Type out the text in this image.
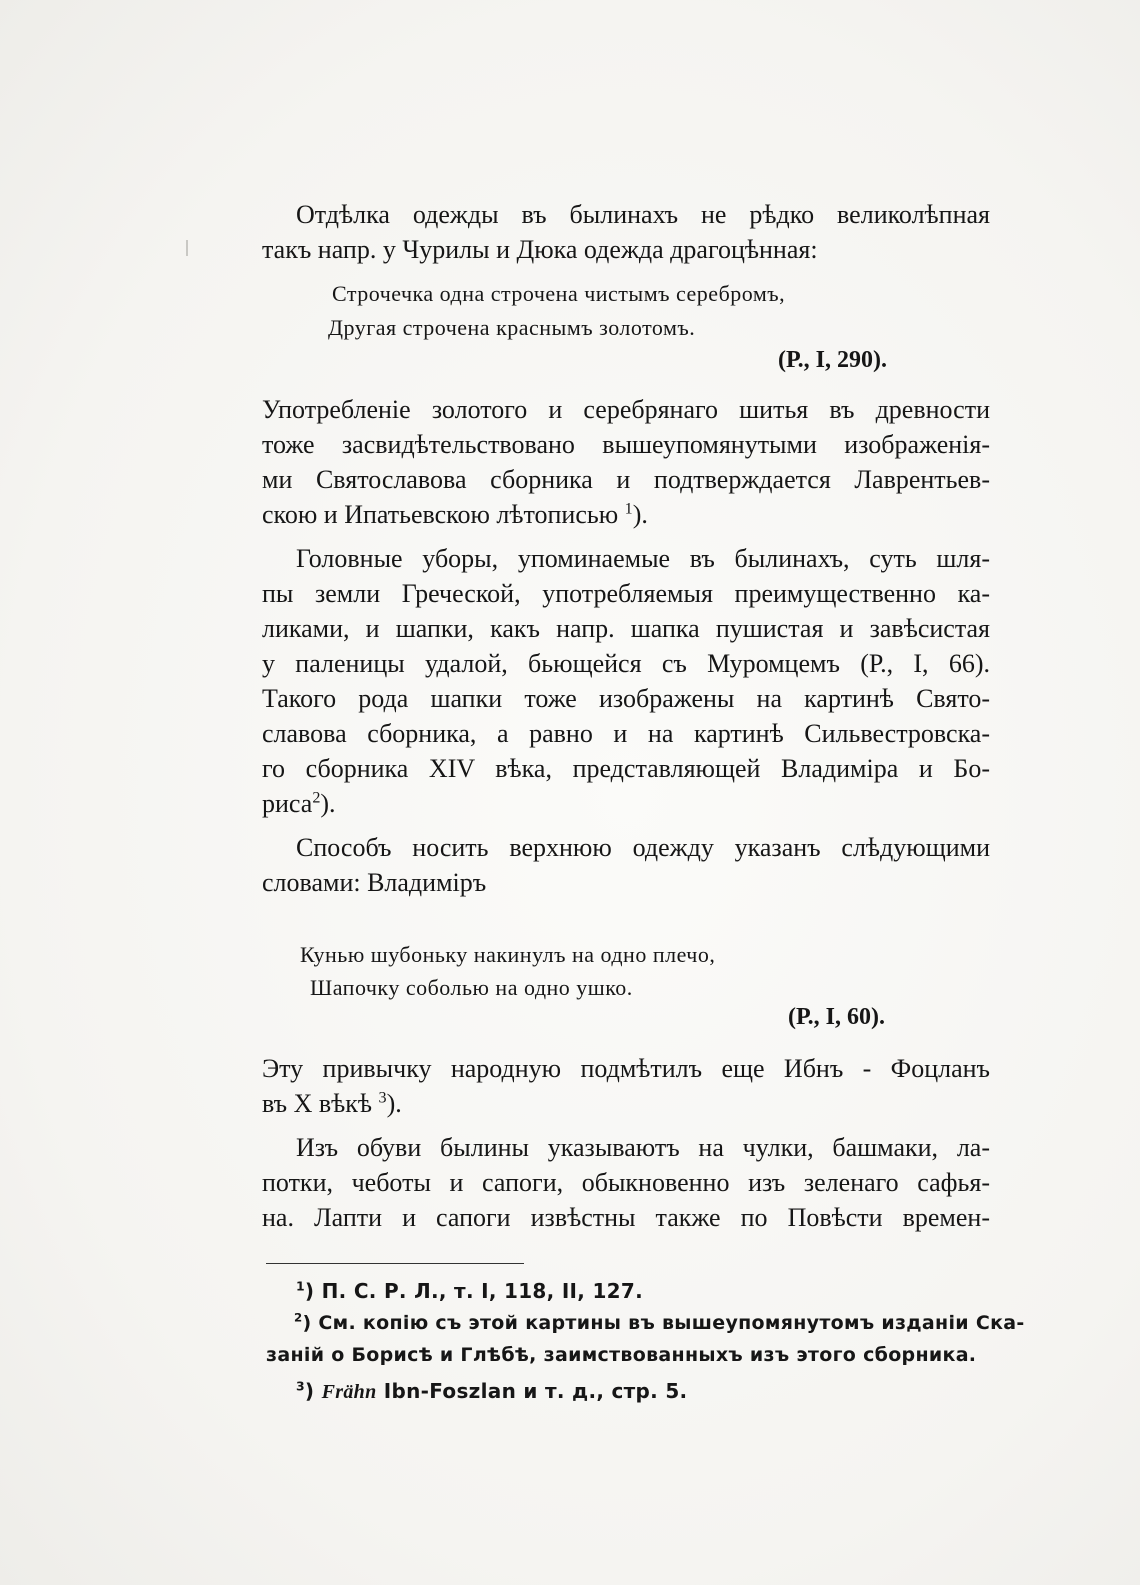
Отдѣлка одежды въ былинахъ не рѣдко великолѣпная
такъ напр. у Чурилы и Дюка одежда драгоцѣнная:
Строчечка одна строчена чистымъ серебромъ,
Другая строчена краснымъ золотомъ.
(Р., I, 290).
Употребленіе золотого и серебрянаго шитья въ древности
тоже засвидѣтельствовано вышеупомянутыми изображенія-
ми Святославова сборника и подтверждается Лаврентьев-
скою и Ипатьевскою лѣтописью $^1$).
Головные уборы, упоминаемые въ былинахъ, суть шля-
пы земли Греческой, употребляемыя преимущественно ка-
ликами, и шапки, какъ напр. шапка пушистая и завѣсистая
у паленицы удалой, бьющейся съ Муромцемъ (Р., I, 66).
Такого рода шапки тоже изображены на картинѣ Свято-
славова сборника, а равно и на картинѣ Сильвестровска-
го сборника XIV вѣка, представляющей Владиміра и Бо-
риса$^2$).
Способъ носить верхнюю одежду указанъ слѣдующими
словами: Владиміръ
Кунью шубоньку накинулъ на одно плечо,
Шапочку соболью на одно ушко.
(Р., I, 60).
Эту привычку народную подмѣтилъ еще Ибнъ - Фоцланъ
въ X вѣкѣ $^3$).
Изъ обуви былины указываютъ на чулки, башмаки, ла-
потки, чеботы и сапоги, обыкновенно изъ зеленаго сафья-
на. Лапти и сапоги извѣстны также по Повѣсти времен-
$^1$) П. С. Р. Л., т. I, 118, II, 127.
$^2$) См. копію съ этой картины въ вышеупомянутомъ изданіи Ска-
заній о Борисѣ и Глѣбѣ, заимствованныхъ изъ этого сборника.
$^3$) Frähn Ibn-Foszlan и т. д., стр. 5.
